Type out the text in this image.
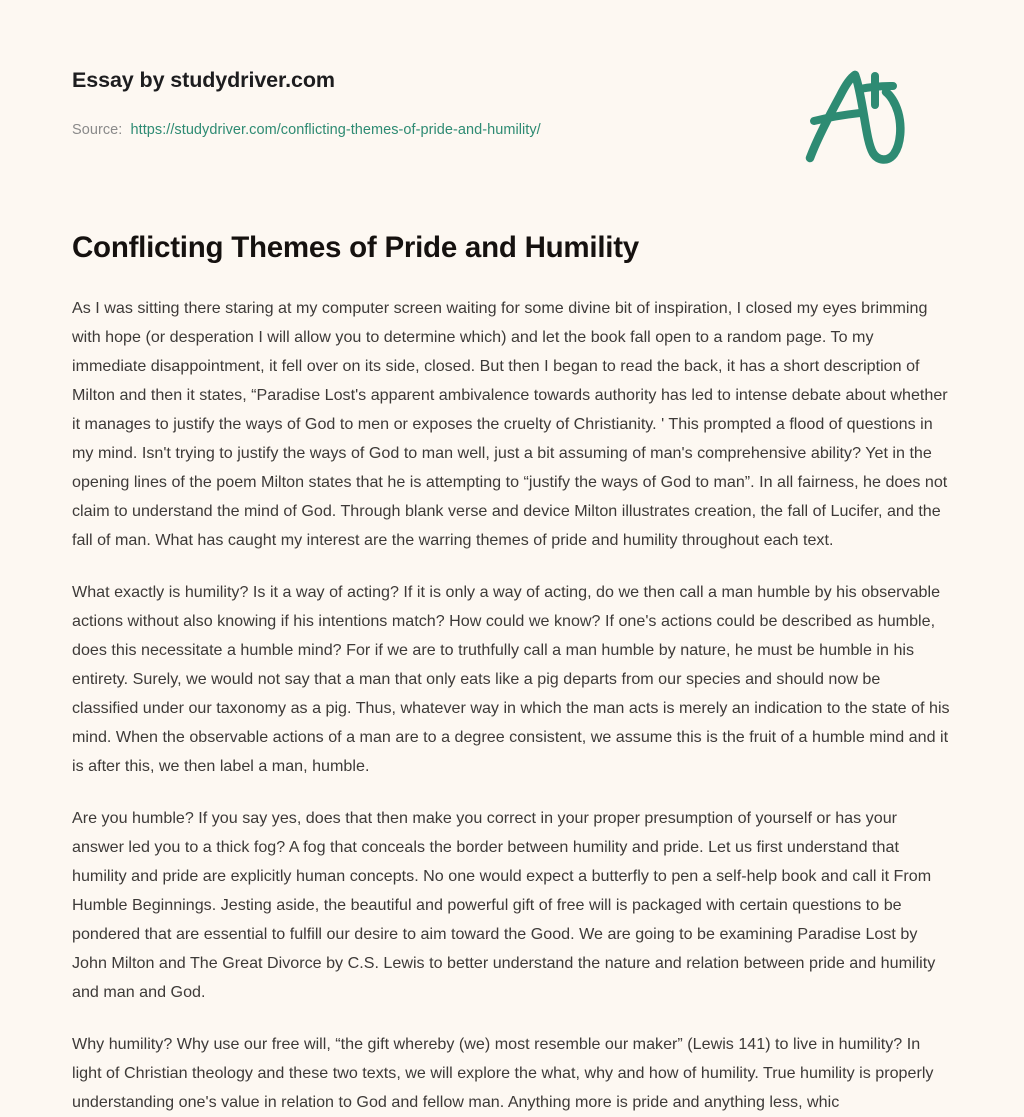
Essay by studydriver.com
Source: https://studydriver.com/conflicting-themes-of-pride-and-humility/
Conflicting Themes of Pride and Humility

As I was sitting there staring at my computer screen waiting for some divine bit of inspiration, I closed my eyes brimming with hope (or desperation I will allow you to determine which) and let the book fall open to a random page. To my immediate disappointment, it fell over on its side, closed. But then I began to read the back, it has a short description of Milton and then it states, “Paradise Lost's apparent ambivalence towards authority has led to intense debate about whether it manages to justify the ways of God to men or exposes the cruelty of Christianity. ' This prompted a flood of questions in my mind. Isn't trying to justify the ways of God to man well, just a bit assuming of man's comprehensive ability? Yet in the opening lines of the poem Milton states that he is attempting to “justify the ways of God to man”. In all fairness, he does not claim to understand the mind of God. Through blank verse and device Milton illustrates creation, the fall of Lucifer, and the fall of man. What has caught my interest are the warring themes of pride and humility throughout each text.

What exactly is humility? Is it a way of acting? If it is only a way of acting, do we then call a man humble by his observable actions without also knowing if his intentions match? How could we know? If one's actions could be described as humble, does this necessitate a humble mind? For if we are to truthfully call a man humble by nature, he must be humble in his entirety. Surely, we would not say that a man that only eats like a pig departs from our species and should now be classified under our taxonomy as a pig. Thus, whatever way in which the man acts is merely an indication to the state of his mind. When the observable actions of a man are to a degree consistent, we assume this is the fruit of a humble mind and it is after this, we then label a man, humble.

Are you humble? If you say yes, does that then make you correct in your proper presumption of yourself or has your answer led you to a thick fog? A fog that conceals the border between humility and pride. Let us first understand that humility and pride are explicitly human concepts. No one would expect a butterfly to pen a self-help book and call it From Humble Beginnings. Jesting aside, the beautiful and powerful gift of free will is packaged with certain questions to be pondered that are essential to fulfill our desire to aim toward the Good. We are going to be examining Paradise Lost by John Milton and The Great Divorce by C.S. Lewis to better understand the nature and relation between pride and humility and man and God.

Why humility? Why use our free will, “the gift whereby (we) most resemble our maker” (Lewis 141) to live in humility? In light of Christian theology and these two texts, we will explore the what, why and how of humility. True humility is properly understanding one's value in relation to God and fellow man. Anything more is pride and anything less, whic
